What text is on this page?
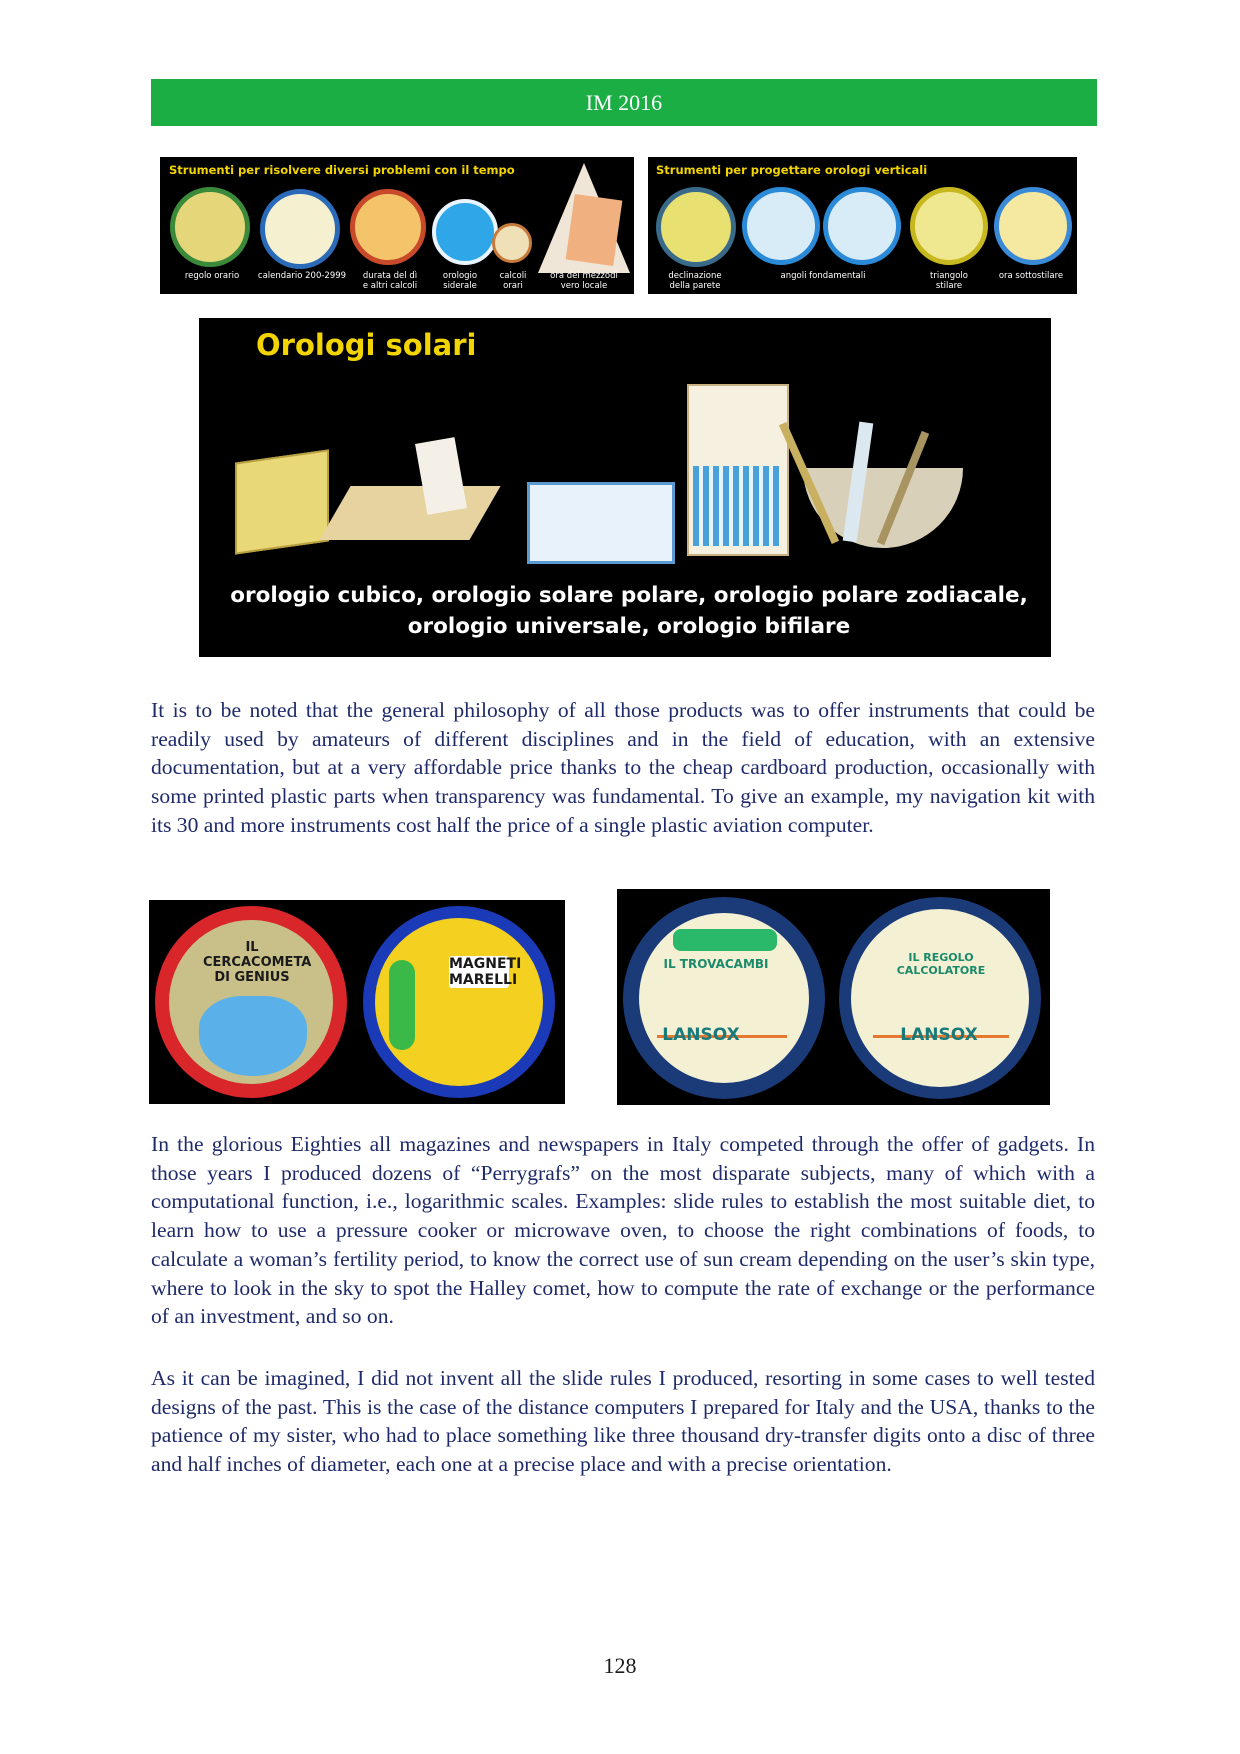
IM 2016
Strumenti per risolvere diversi problemi con il tempo
regolo orario	calendario 200-2999	durata del dì
e altri calcoli
orologio
siderale
calcoli
orari
ora del mezzodì
vero locale
Strumenti per progettare orologi verticali
declinazione
della parete
angoli fondamentali	triangolo
stilare
ora sottostilare
Orologi solari
orologio cubico, orologio solare polare, orologio polare zodiacale,
orologio universale, orologio bifilare

It is to be noted that the general philosophy of all those products was to offer instruments that could be readily used by amateurs of different disciplines and in the field of education, with an extensive documentation, but at a very affordable price thanks to the cheap cardboard production, occasionally with some printed plastic parts when transparency was fundamental. To give an example, my navigation kit with its 30 and more instruments cost half the price of a single plastic aviation computer.

IL CERCACOMETA DI GENIUS
MAGNETI MARELLI
IL TROVACAMBI
LANSOX
IL REGOLO CALCOLATORE
LANSOX

In the glorious Eighties all magazines and newspapers in Italy competed through the offer of gadgets. In those years I produced dozens of “Perrygrafs” on the most disparate subjects, many of which with a computational function, i.e., logarithmic scales. Examples: slide rules to establish the most suitable diet, to learn how to use a pressure cooker or microwave oven, to choose the right combinations of foods, to calculate a woman’s fertility period, to know the correct use of sun cream depending on the user’s skin type, where to look in the sky to spot the Halley comet, how to compute the rate of exchange or the performance of an investment, and so on.

As it can be imagined, I did not invent all the slide rules I produced, resorting in some cases to well tested designs of the past. This is the case of the distance computers I prepared for Italy and the USA, thanks to the patience of my sister, who had to place something like three thousand dry-transfer digits onto a disc of three and half inches of diameter, each one at a precise place and with a precise orientation.

128
